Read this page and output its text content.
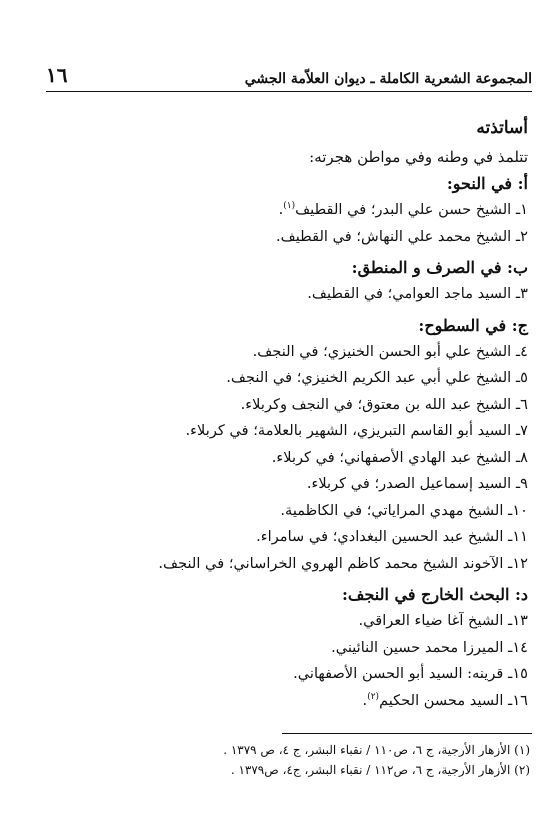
المجموعة الشعرية الكاملة ـ ديوان العلاّمة الجشي
١٦
أساتذته
تتلمذ في وطنه وفي مواطن هجرته:
أ: في النحو:
١ـ الشيخ حسن علي البدر؛ في القطيف$^{(١)}$.
٢ـ الشيخ محمد علي النهاش؛ في القطيف.
ب: في الصرف و المنطق:
٣ـ السيد ماجد العوامي؛ في القطيف.
ج: في السطوح:
٤ـ الشيخ علي أبو الحسن الخنيزي؛ في النجف.
٥ـ الشيخ علي أبي عبد الكريم الخنيزي؛ في النجف.
٦ـ الشيخ عبد الله بن معتوق؛ في النجف وكربلاء.
٧ـ السيد أبو القاسم التبريزي، الشهير بالعلامة؛ في كربلاء.
٨ـ الشيخ عبد الهادي الأصفهاني؛ في كربلاء.
٩ـ السيد إسماعيل الصدر؛ في كربلاء.
١٠ـ الشيخ مهدي المراياتي؛ في الكاظمية.
١١ـ الشيخ عبد الحسين البغدادي؛ في سامراء.
١٢ـ الآخوند الشيخ محمد كاظم الهروي الخراساني؛ في النجف.
د: البحث الخارج في النجف:
١٣ـ الشيخ آغا ضياء العراقي.
١٤ـ الميرزا محمد حسين النائيني.
١٥ـ قرينه: السيد أبو الحسن الأصفهاني.
١٦ـ السيد محسن الحكيم$^{(٢)}$.
(١) الأزهار الأرجية، ج ٦، ص١١٠ / نقباء البشر، ج ٤، ص ١٣٧٩ .
(٢) الأزهار الأرجية، ج ٦، ص١١٢ / نقباء البشر، ج٤، ص١٣٧٩ .
